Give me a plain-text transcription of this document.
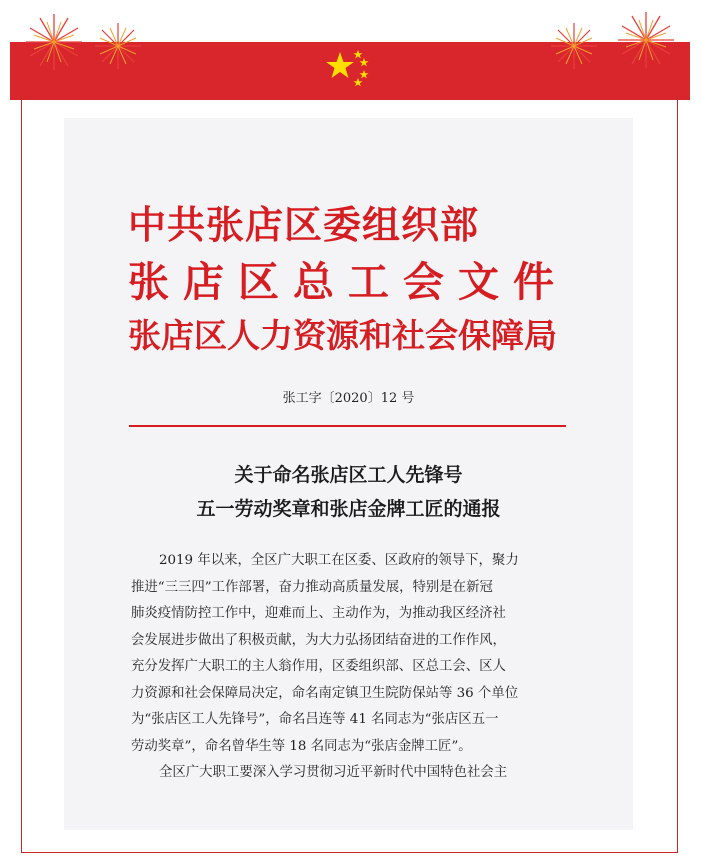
中共张店区委组织部

张店区总工会文件

张店区人力资源和社会保障局

张工字〔2020〕12 号
关于命名张店区工人先锋号
五一劳动奖章和张店金牌工匠的通报

2019 年以来，全区广大职工在区委、区政府的领导下，聚力

推进“三三四”工作部署，奋力推动高质量发展，特别是在新冠

肺炎疫情防控工作中，迎难而上、主动作为，为推动我区经济社

会发展进步做出了积极贡献，为大力弘扬团结奋进的工作作风，

充分发挥广大职工的主人翁作用，区委组织部、区总工会、区人

力资源和社会保障局决定，命名南定镇卫生院防保站等 36 个单位

为“张店区工人先锋号”，命名吕连等 41 名同志为“张店区五一

劳动奖章”，命名曾华生等 18 名同志为“张店金牌工匠”。

全区广大职工要深入学习贯彻习近平新时代中国特色社会主
